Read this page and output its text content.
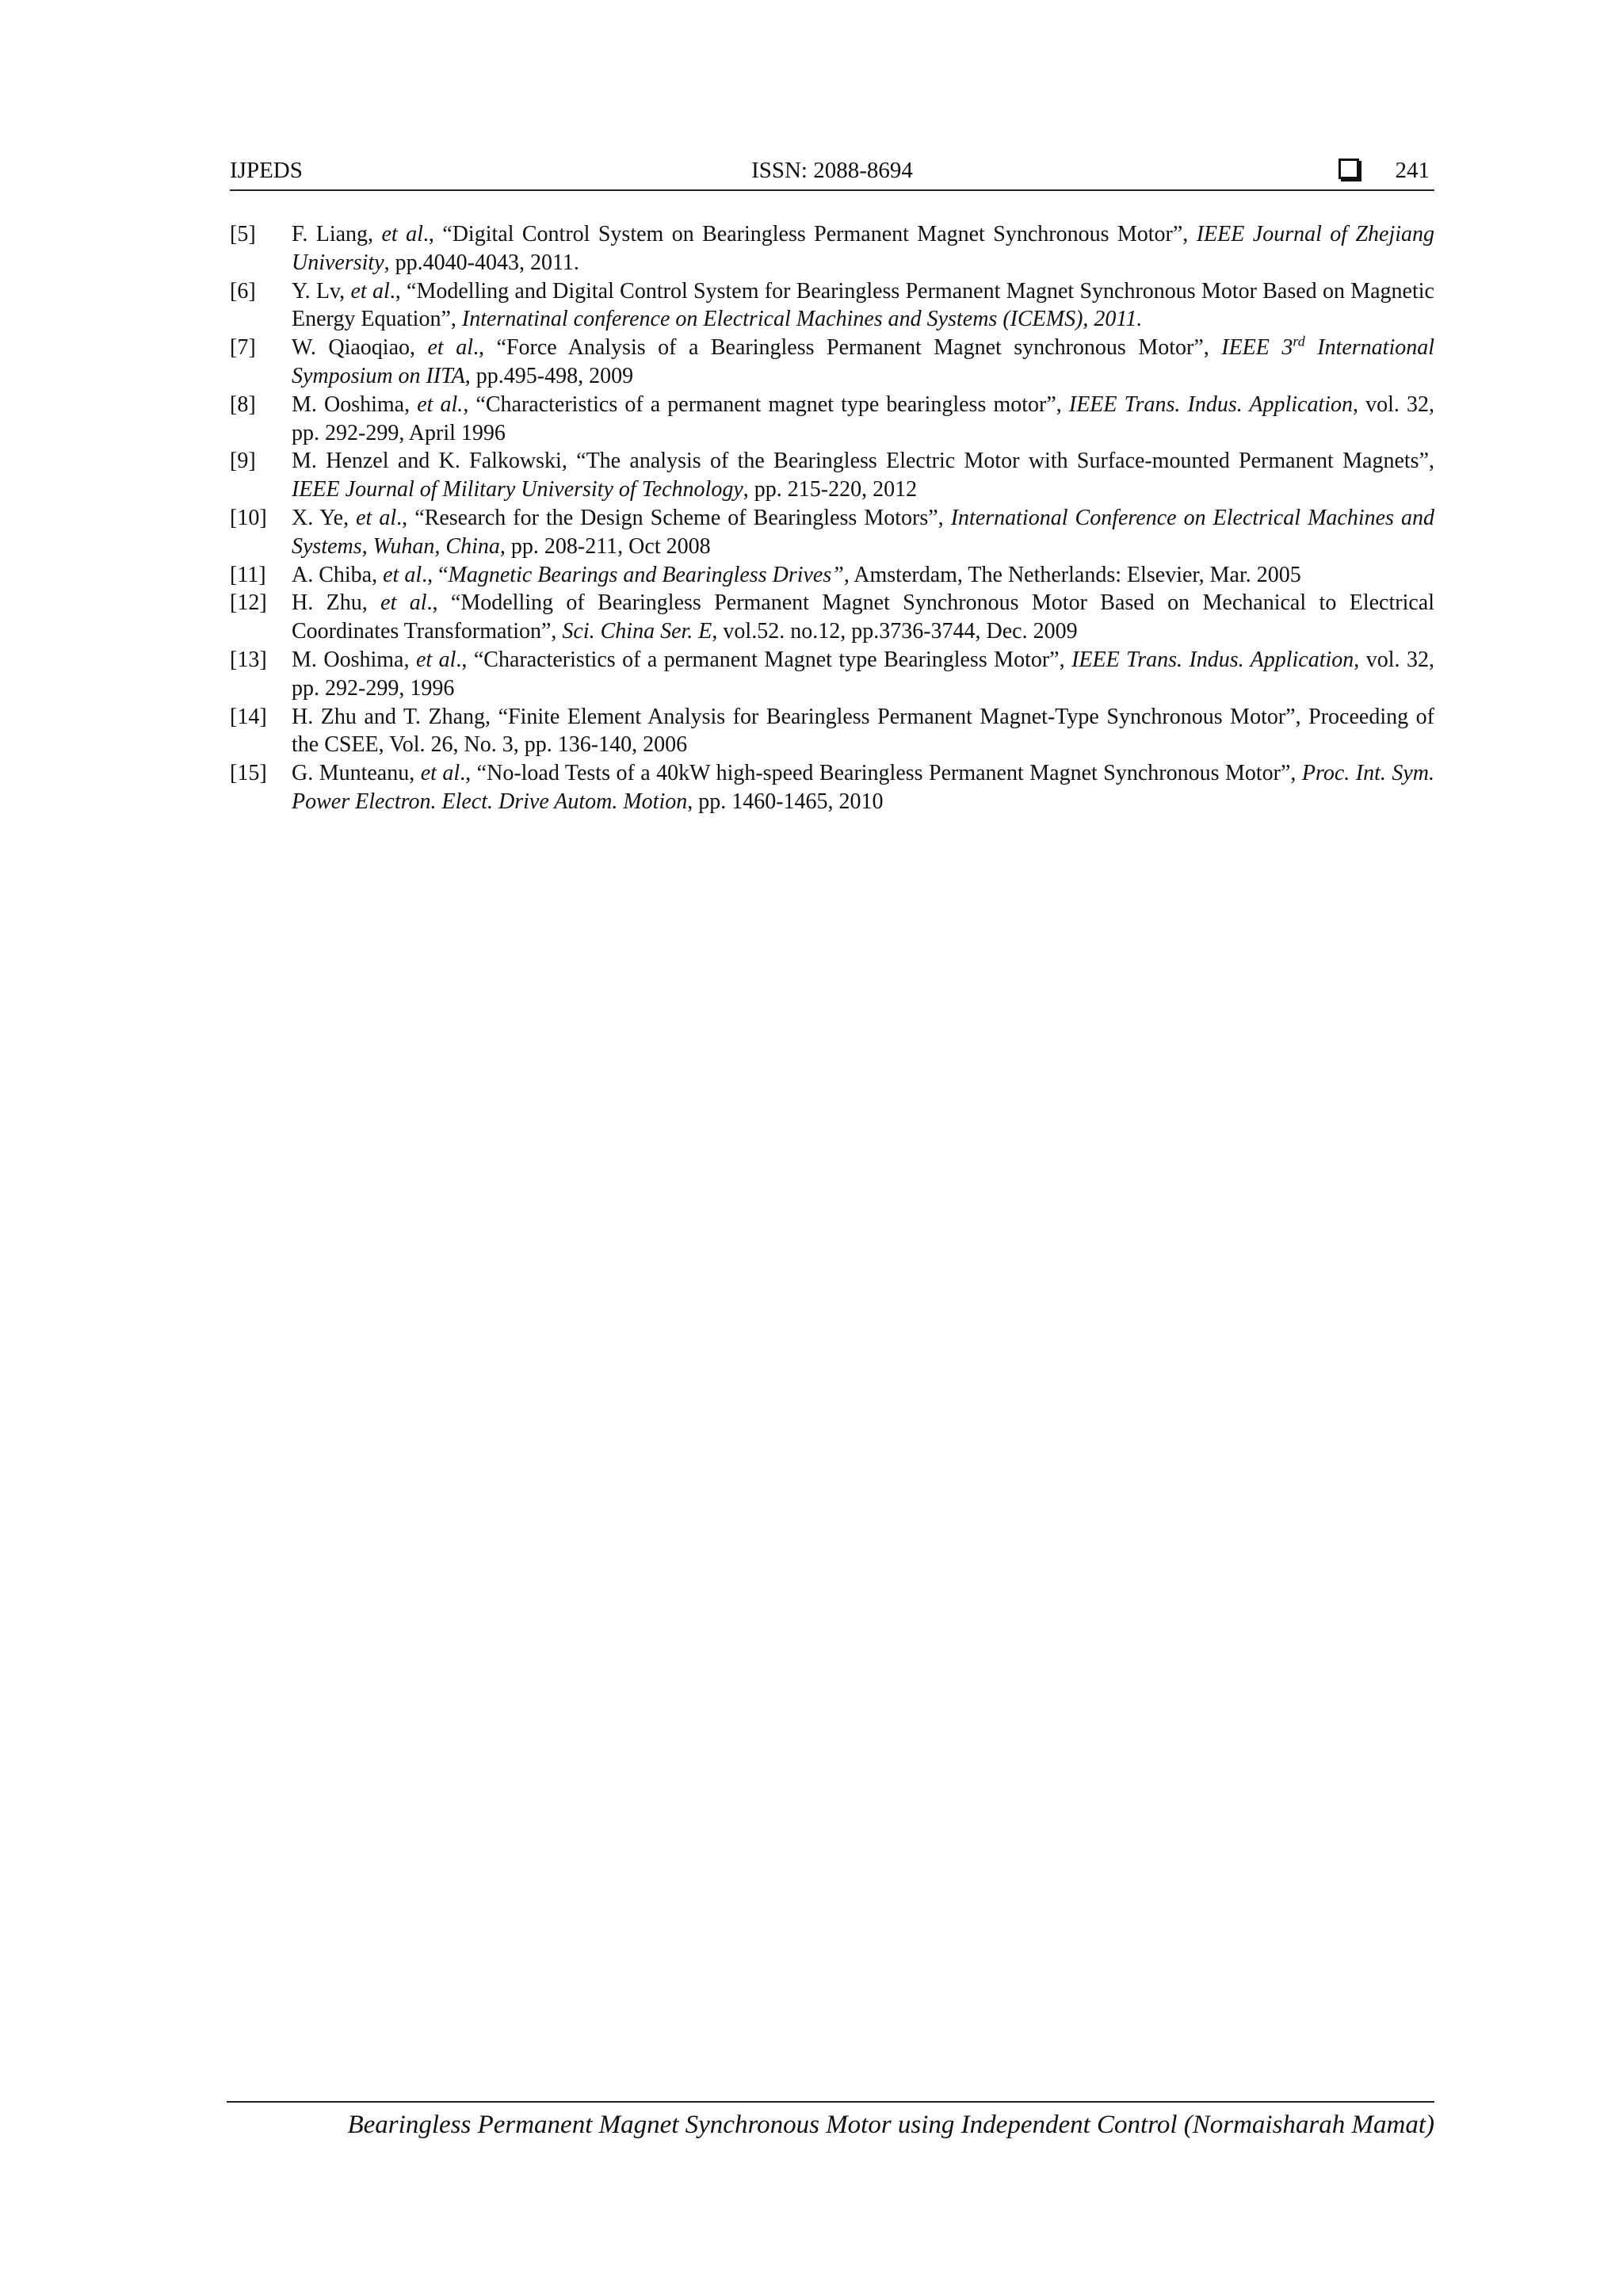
IJPEDS	ISSN: 2088-8694	241
[5] F. Liang, et al., “Digital Control System on Bearingless Permanent Magnet Synchronous Motor”, IEEE Journal of Zhejiang University, pp.4040-4043, 2011.
[6] Y. Lv, et al., “Modelling and Digital Control System for Bearingless Permanent Magnet Synchronous Motor Based on Magnetic Energy Equation”, Internatinal conference on Electrical Machines and Systems (ICEMS), 2011.
[7] W. Qiaoqiao, et al., “Force Analysis of a Bearingless Permanent Magnet synchronous Motor”, IEEE 3rd International Symposium on IITA, pp.495-498, 2009
[8] M. Ooshima, et al., “Characteristics of a permanent magnet type bearingless motor”, IEEE Trans. Indus. Application, vol. 32, pp. 292-299, April 1996
[9] M. Henzel and K. Falkowski, “The analysis of the Bearingless Electric Motor with Surface-mounted Permanent Magnets”, IEEE Journal of Military University of Technology, pp. 215-220, 2012
[10] X. Ye, et al., “Research for the Design Scheme of Bearingless Motors”, International Conference on Electrical Machines and Systems, Wuhan, China, pp. 208-211, Oct 2008
[11] A. Chiba, et al., “Magnetic Bearings and Bearingless Drives”, Amsterdam, The Netherlands: Elsevier, Mar. 2005
[12] H. Zhu, et al., “Modelling of Bearingless Permanent Magnet Synchronous Motor Based on Mechanical to Electrical Coordinates Transformation”, Sci. China Ser. E, vol.52. no.12, pp.3736-3744, Dec. 2009
[13] M. Ooshima, et al., “Characteristics of a permanent Magnet type Bearingless Motor”, IEEE Trans. Indus. Application, vol. 32, pp. 292-299, 1996
[14] H. Zhu and T. Zhang, “Finite Element Analysis for Bearingless Permanent Magnet-Type Synchronous Motor”, Proceeding of the CSEE, Vol. 26, No. 3, pp. 136-140, 2006
[15] G. Munteanu, et al., “No-load Tests of a 40kW high-speed Bearingless Permanent Magnet Synchronous Motor”, Proc. Int. Sym. Power Electron. Elect. Drive Autom. Motion, pp. 1460-1465, 2010
Bearingless Permanent Magnet Synchronous Motor using Independent Control (Normaisharah Mamat)
